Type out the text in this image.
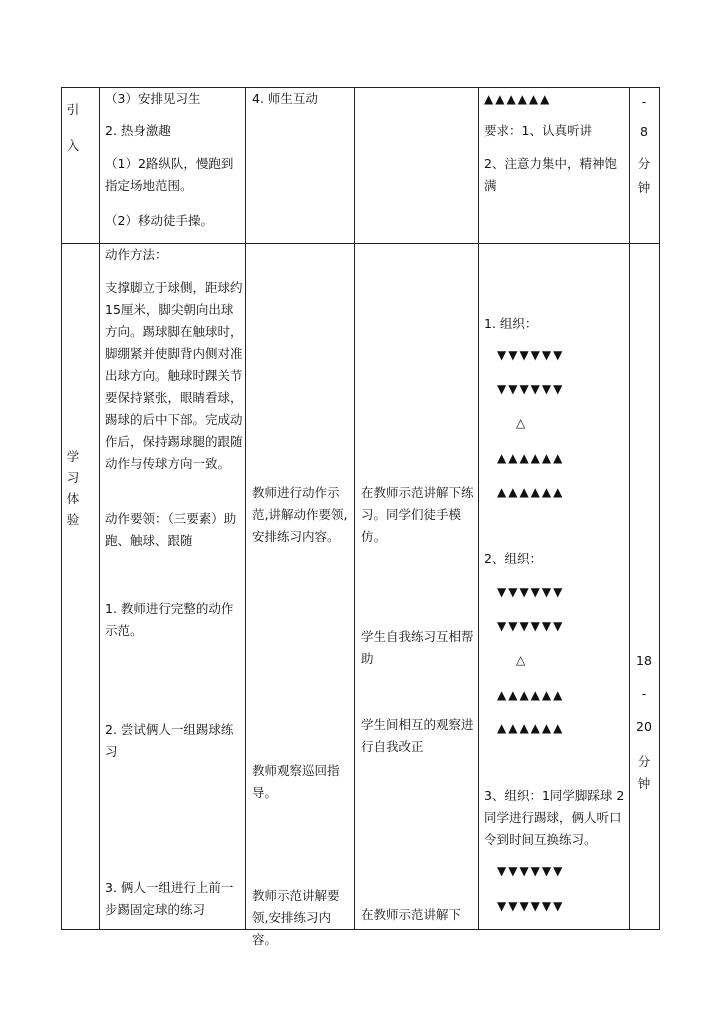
引入
（3）安排见习生
2. 热身激趣
（1）2路纵队，慢跑到指定场地范围。
（2）移动徒手操。
4. 师生互动	▲▲▲▲▲▲
要求：1、认真听讲
2、注意力集中，精神饱满
-
8
分
钟
学习体验
动作方法：
支撑脚立于球侧，距球约 15厘米，脚尖朝向出球方向。踢球脚在触球时，脚绷紧并使脚背内侧对准出球方向。触球时踝关节要保持紧张，眼睛看球，踢球的后中下部。完成动作后，保持踢球腿的跟随动作与传球方向一致。
动作要领：（三要素）助跑、触球、跟随
1. 教师进行完整的动作示范。
2. 尝试俩人一组踢球练习
3. 俩人一组进行上前一步踢固定球的练习
教师进行动作示范,讲解动作要领,安排练习内容。
教师观察巡回指导。
教师示范讲解要领,安排练习内容。
在教师示范讲解下练习。同学们徒手模仿。
学生自我练习互相帮助
学生间相互的观察进行自我改正
在教师示范讲解下
1. 组织：
▼▼▼▼▼▼
▼▼▼▼▼▼
△
▲▲▲▲▲▲
▲▲▲▲▲▲
2、组织：
▼▼▼▼▼▼
▼▼▼▼▼▼
△
▲▲▲▲▲▲
▲▲▲▲▲▲
3、组织：1同学脚踩球 2同学进行踢球，俩人听口令到时间互换练习。
▼▼▼▼▼▼
▼▼▼▼▼▼
18
-
20
分
钟
